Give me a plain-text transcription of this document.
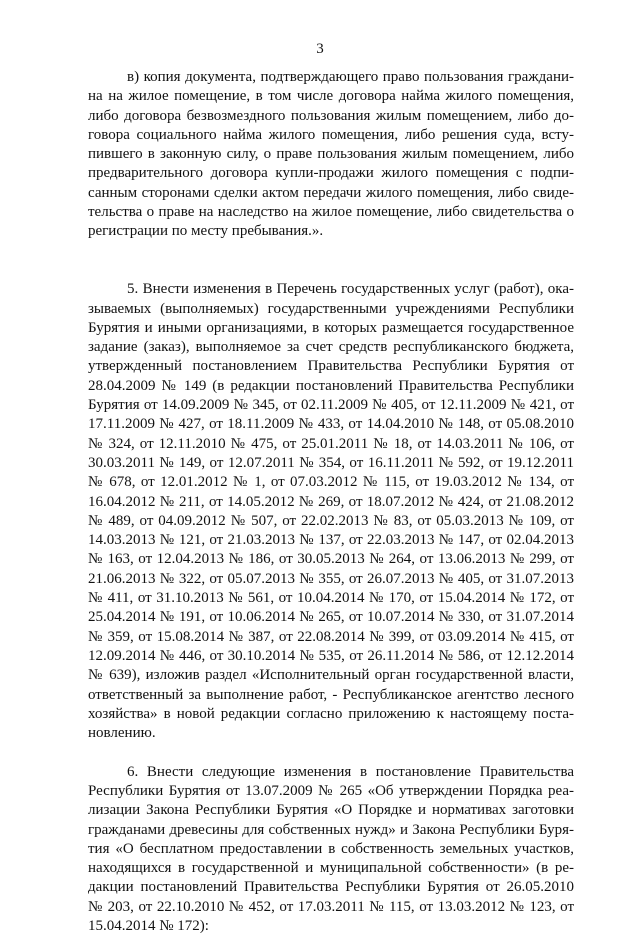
3
в) копия документа, подтверждающего право пользования граждани-
на на жилое помещение, в том числе договора найма жилого помещения,
либо договора безвозмездного пользования жилым помещением, либо до-
говора социального найма жилого помещения, либо решения суда, всту-
пившего в законную силу, о праве пользования жилым помещением, либо
предварительного договора купли-продажи жилого помещения с подпи-
санным сторонами сделки актом передачи жилого помещения, либо свиде-
тельства о праве на наследство на жилое помещение, либо свидетельства о
регистрации по месту пребывания.».
5. Внести изменения в Перечень государственных услуг (работ), ока-
зываемых (выполняемых) государственными учреждениями Республики
Бурятия и иными организациями, в которых размещается государственное
задание (заказ), выполняемое за счет средств республиканского бюджета,
утвержденный постановлением Правительства Республики Бурятия от
28.04.2009 № 149 (в редакции постановлений Правительства Республики
Бурятия от 14.09.2009 № 345, от 02.11.2009 № 405, от 12.11.2009 № 421, от
17.11.2009 № 427, от 18.11.2009 № 433, от 14.04.2010 № 148, от 05.08.2010
№ 324, от 12.11.2010 № 475, от 25.01.2011 № 18, от 14.03.2011 № 106, от
30.03.2011 № 149, от 12.07.2011 № 354, от 16.11.2011 № 592, от 19.12.2011
№ 678, от 12.01.2012 № 1, от 07.03.2012 № 115, от 19.03.2012 № 134, от
16.04.2012 № 211, от 14.05.2012 № 269, от 18.07.2012 № 424, от 21.08.2012
№ 489, от 04.09.2012 № 507, от 22.02.2013 № 83, от 05.03.2013 № 109, от
14.03.2013 № 121, от 21.03.2013 № 137, от 22.03.2013 № 147, от 02.04.2013
№ 163, от 12.04.2013 № 186, от 30.05.2013 № 264, от 13.06.2013 № 299, от
21.06.2013 № 322, от 05.07.2013 № 355, от 26.07.2013 № 405, от 31.07.2013
№ 411, от 31.10.2013 № 561, от 10.04.2014 № 170, от 15.04.2014 № 172, от
25.04.2014 № 191, от 10.06.2014 № 265, от 10.07.2014 № 330, от 31.07.2014
№ 359, от 15.08.2014 № 387, от 22.08.2014 № 399, от 03.09.2014 № 415, от
12.09.2014 № 446, от 30.10.2014 № 535, от 26.11.2014 № 586, от 12.12.2014
№ 639), изложив раздел «Исполнительный орган государственной власти,
ответственный за выполнение работ, - Республиканское агентство лесного
хозяйства» в новой редакции согласно приложению к настоящему поста-
новлению.
6. Внести следующие изменения в постановление Правительства
Республики Бурятия от 13.07.2009 № 265 «Об утверждении Порядка реа-
лизации Закона Республики Бурятия «О Порядке и нормативах заготовки
гражданами древесины для собственных нужд» и Закона Республики Буря-
тия «О бесплатном предоставлении в собственность земельных участков,
находящихся в государственной и муниципальной собственности» (в ре-
дакции постановлений Правительства Республики Бурятия от 26.05.2010
№ 203, от 22.10.2010 № 452, от 17.03.2011 № 115, от 13.03.2012 № 123, от
15.04.2014 № 172):
